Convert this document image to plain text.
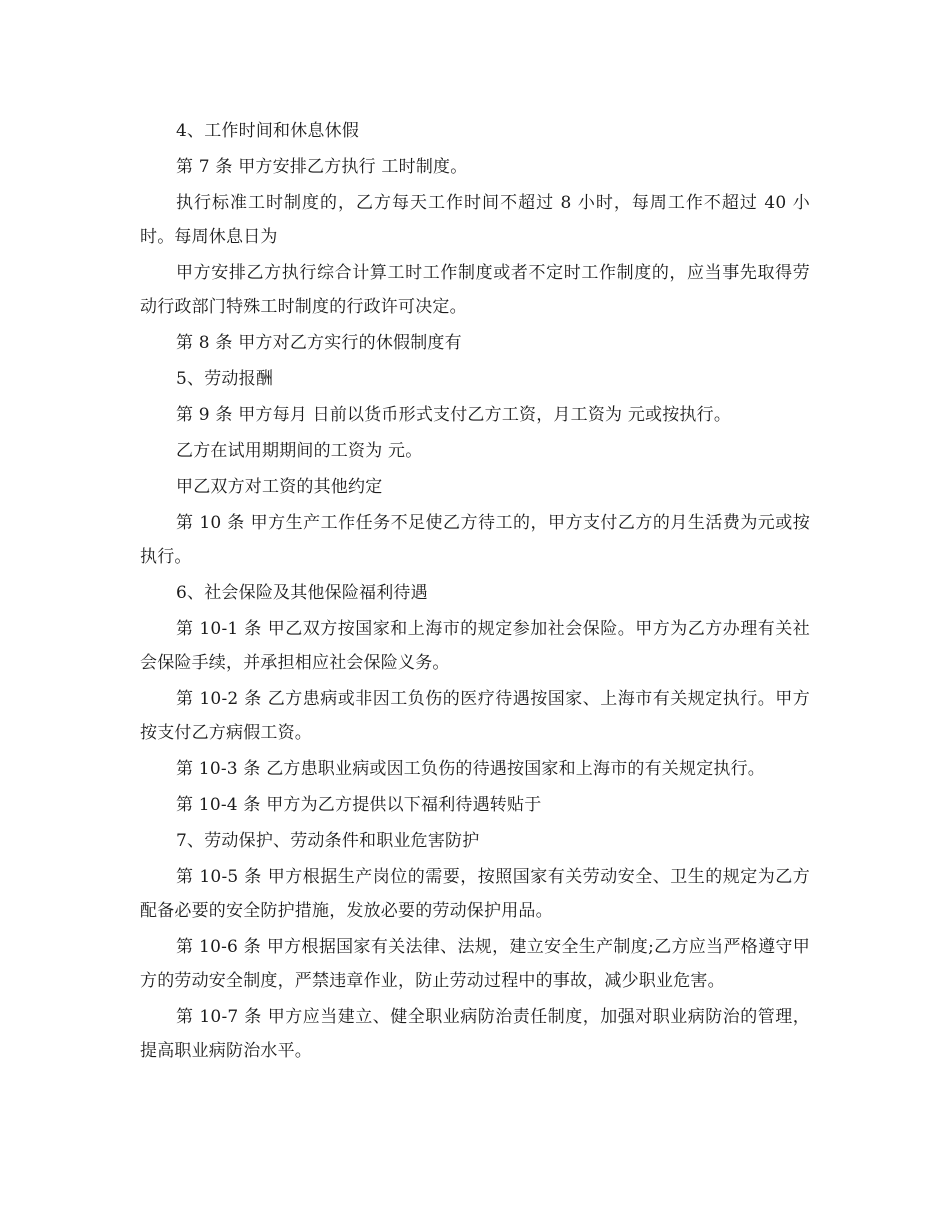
4、工作时间和休息休假

第 7 条 甲方安排乙方执行 工时制度。

执行标准工时制度的，乙方每天工作时间不超过 8 小时，每周工作不超过 40 小时。每周休息日为

甲方安排乙方执行综合计算工时工作制度或者不定时工作制度的，应当事先取得劳动行政部门特殊工时制度的行政许可决定。

第 8 条 甲方对乙方实行的休假制度有

5、劳动报酬

第 9 条 甲方每月 日前以货币形式支付乙方工资，月工资为 元或按执行。

乙方在试用期期间的工资为 元。

甲乙双方对工资的其他约定

第 10 条 甲方生产工作任务不足使乙方待工的，甲方支付乙方的月生活费为元或按 执行。

6、社会保险及其他保险福利待遇

第 10-1 条 甲乙双方按国家和上海市的规定参加社会保险。甲方为乙方办理有关社会保险手续，并承担相应社会保险义务。

第 10-2 条 乙方患病或非因工负伤的医疗待遇按国家、上海市有关规定执行。甲方按支付乙方病假工资。

第 10-3 条 乙方患职业病或因工负伤的待遇按国家和上海市的有关规定执行。

第 10-4 条 甲方为乙方提供以下福利待遇转贴于

7、劳动保护、劳动条件和职业危害防护

第 10-5 条 甲方根据生产岗位的需要，按照国家有关劳动安全、卫生的规定为乙方配备必要的安全防护措施，发放必要的劳动保护用品。

第 10-6 条 甲方根据国家有关法律、法规，建立安全生产制度;乙方应当严格遵守甲方的劳动安全制度，严禁违章作业，防止劳动过程中的事故，减少职业危害。

第 10-7 条 甲方应当建立、健全职业病防治责任制度，加强对职业病防治的管理，提高职业病防治水平。
